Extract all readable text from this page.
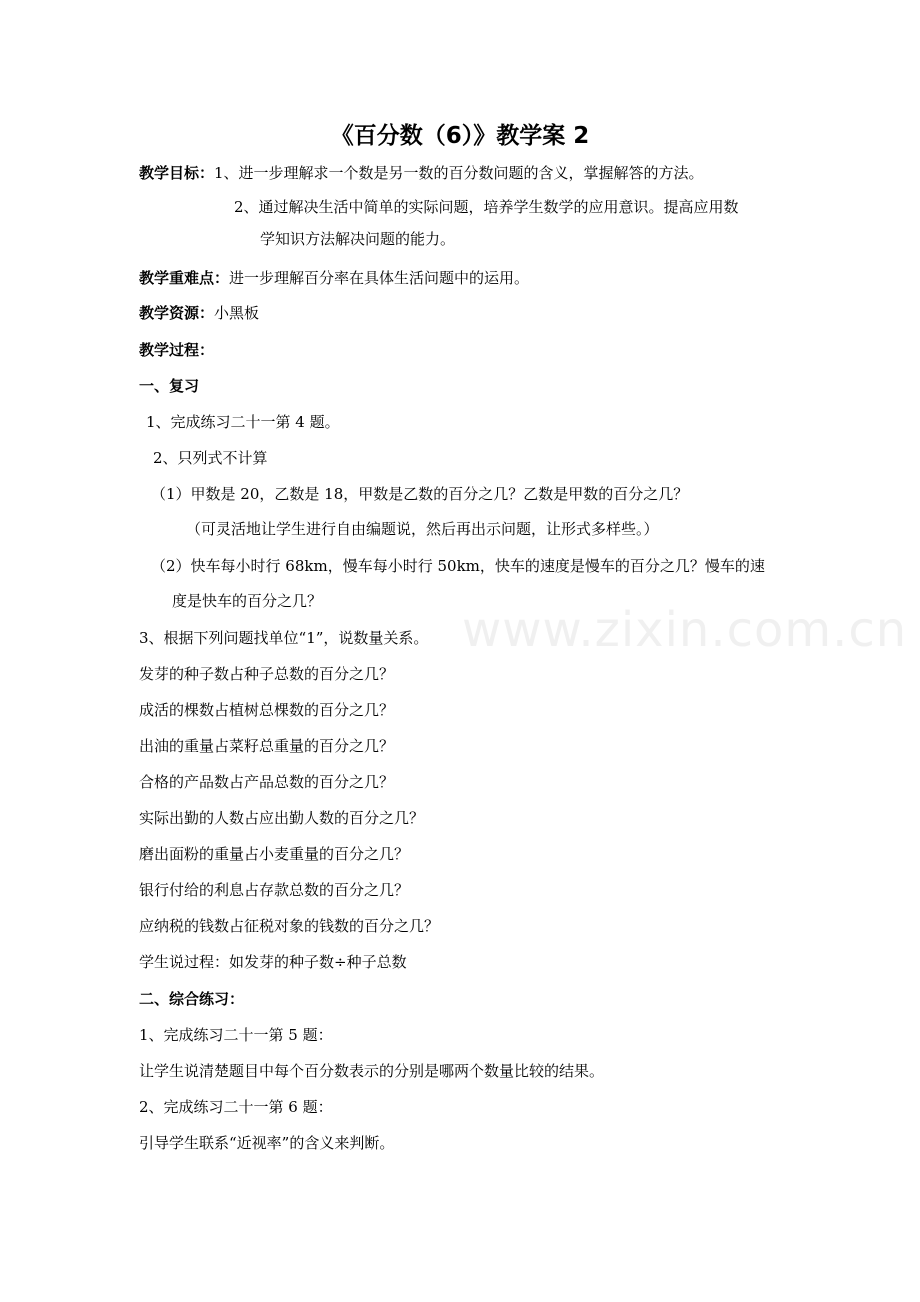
www.zixin.com.cn
《百分数（6）》教学案 2
教学目标：1、进一步理解求一个数是另一数的百分数问题的含义，掌握解答的方法。
2、通过解决生活中简单的实际问题，培养学生数学的应用意识。提高应用数
学知识方法解决问题的能力。
教学重难点：进一步理解百分率在具体生活问题中的运用。
教学资源：小黑板
教学过程：
一、复习
1、完成练习二十一第 4 题。
2、只列式不计算
（1）甲数是 20，乙数是 18，甲数是乙数的百分之几？乙数是甲数的百分之几？
（可灵活地让学生进行自由编题说，然后再出示问题，让形式多样些。）
（2）快车每小时行 68km，慢车每小时行 50km，快车的速度是慢车的百分之几？慢车的速
度是快车的百分之几？
3、根据下列问题找单位“1”，说数量关系。
发芽的种子数占种子总数的百分之几？
成活的棵数占植树总棵数的百分之几？
出油的重量占菜籽总重量的百分之几？
合格的产品数占产品总数的百分之几？
实际出勤的人数占应出勤人数的百分之几？
磨出面粉的重量占小麦重量的百分之几？
银行付给的利息占存款总数的百分之几？
应纳税的钱数占征税对象的钱数的百分之几？
学生说过程：如发芽的种子数÷种子总数
二、综合练习：
1、完成练习二十一第 5 题：
让学生说清楚题目中每个百分数表示的分别是哪两个数量比较的结果。
2、完成练习二十一第 6 题：
引导学生联系“近视率”的含义来判断。
